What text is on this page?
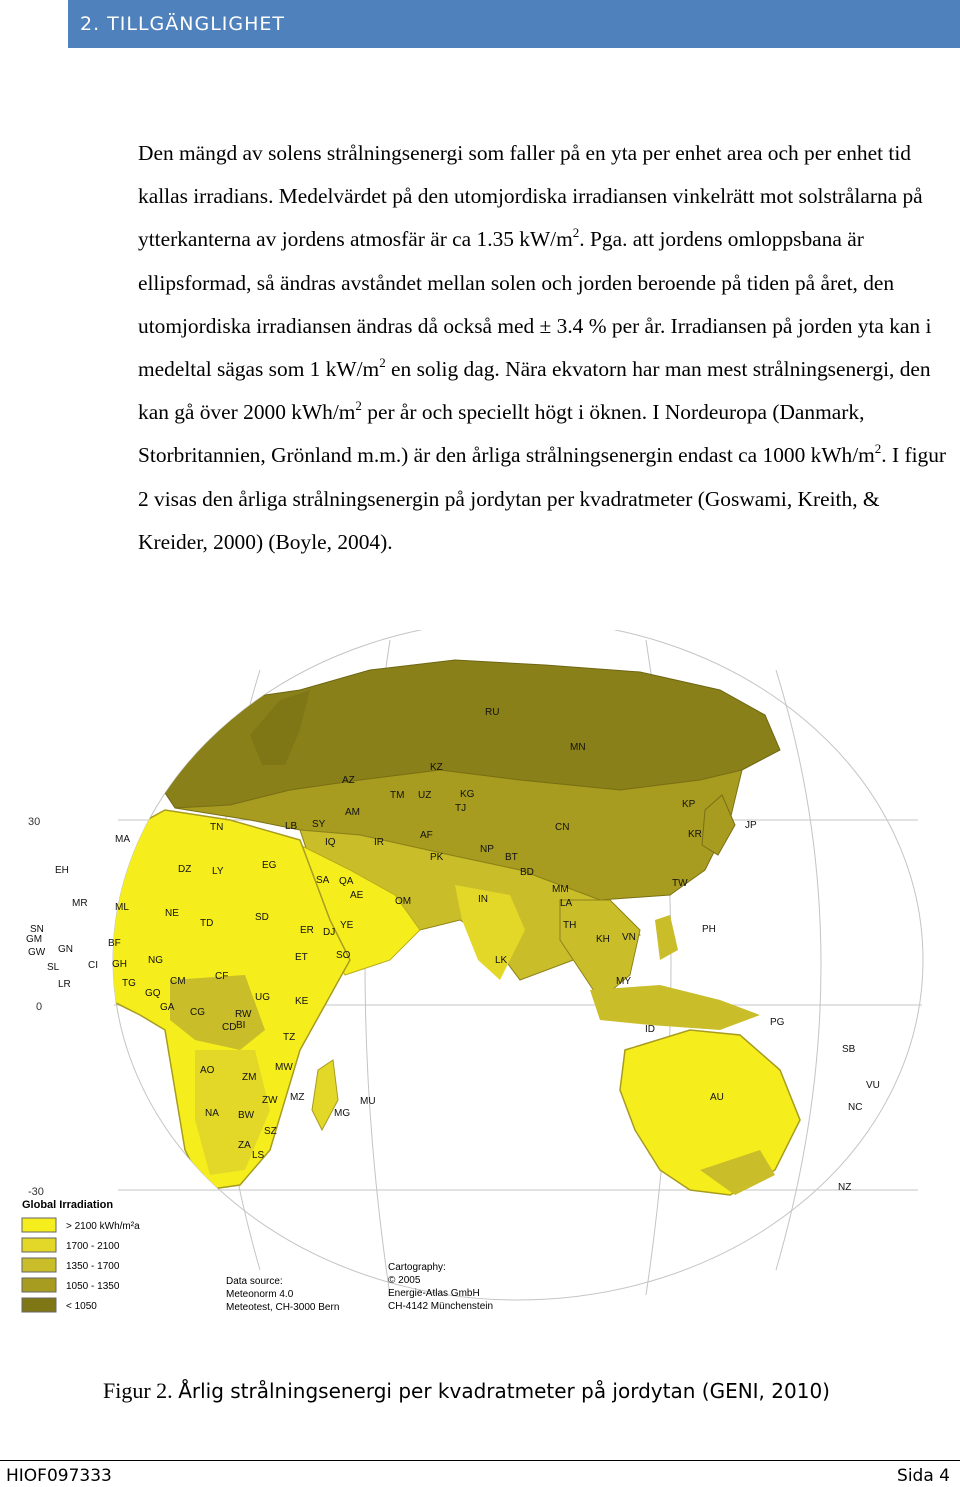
2. TILLGÄNGLIGHET
Den mängd av solens strålningsenergi som faller på en yta per enhet area och per enhet tid kallas irradians. Medelvärdet på den utomjordiska irradiansen vinkelrätt mot solstrålarna på ytterkanterna av jordens atmosfär är ca 1.35 $kW/m^2$. Pga. att jordens omloppsbana är ellipsformad, så ändras avståndet mellan solen och jorden beroende på tiden på året, den utomjordiska irradiansen ändras då också med ± 3.4 % per år. Irradiansen på jorden yta kan i medeltal sägas som 1 $kW/m^2$ en solig dag. Nära ekvatorn har man mest strålningsenergi, den kan gå över 2000 kWh/$m^2$ per år och speciellt högt i öknen. I Nordeuropa (Danmark, Storbritannien, Grönland m.m.) är den årliga strålningsenergin endast ca 1000 kWh/$m^2$. I figur 2 visas den årliga strålningsenergin på jordytan per kvadratmeter (Goswami, Kreith, & Kreider, 2000) (Boyle, 2004).
30
0
-30
RU
KZ
MN
AZ
TM UZ	KG
TJ
CN
KP
KR
JP
TN	LB SY
AM
IQ	IR
AF
PK
NP
BD
BT
IN
MM
TW
LA
TH
KH VN
PH
MA
DZ LY
EG
SA QA
AE
OM
YE
EH
MR	ML
NE
TD
SD
ER DJ
ET	SO
SN
GM
GW GN
SL
LR
CI
BF
GH
TG
NG
CM
GQ
GA
CF
CG
CD
UG	KE
RW
BI
TZ
AO
ZM
MW
MZ
NA BW
ZW
SZ
ZA
LS
MG
MU
LK
MY
ID
PG
SB
AU
VU
NC
NZ
Global Irradiation
> 2100 kWh/m²a
1700 - 2100
1350 - 1700
1050 - 1350
< 1050
Data source:
Meteonorm 4.0
Meteotest, CH-3000 Bern
Cartography:
© 2005
Energie-Atlas GmbH
CH-4142 Münchenstein
Figur 2. Årlig strålningsenergi per kvadratmeter på jordytan (GENI, 2010)
HIOF097333	Sida 4
